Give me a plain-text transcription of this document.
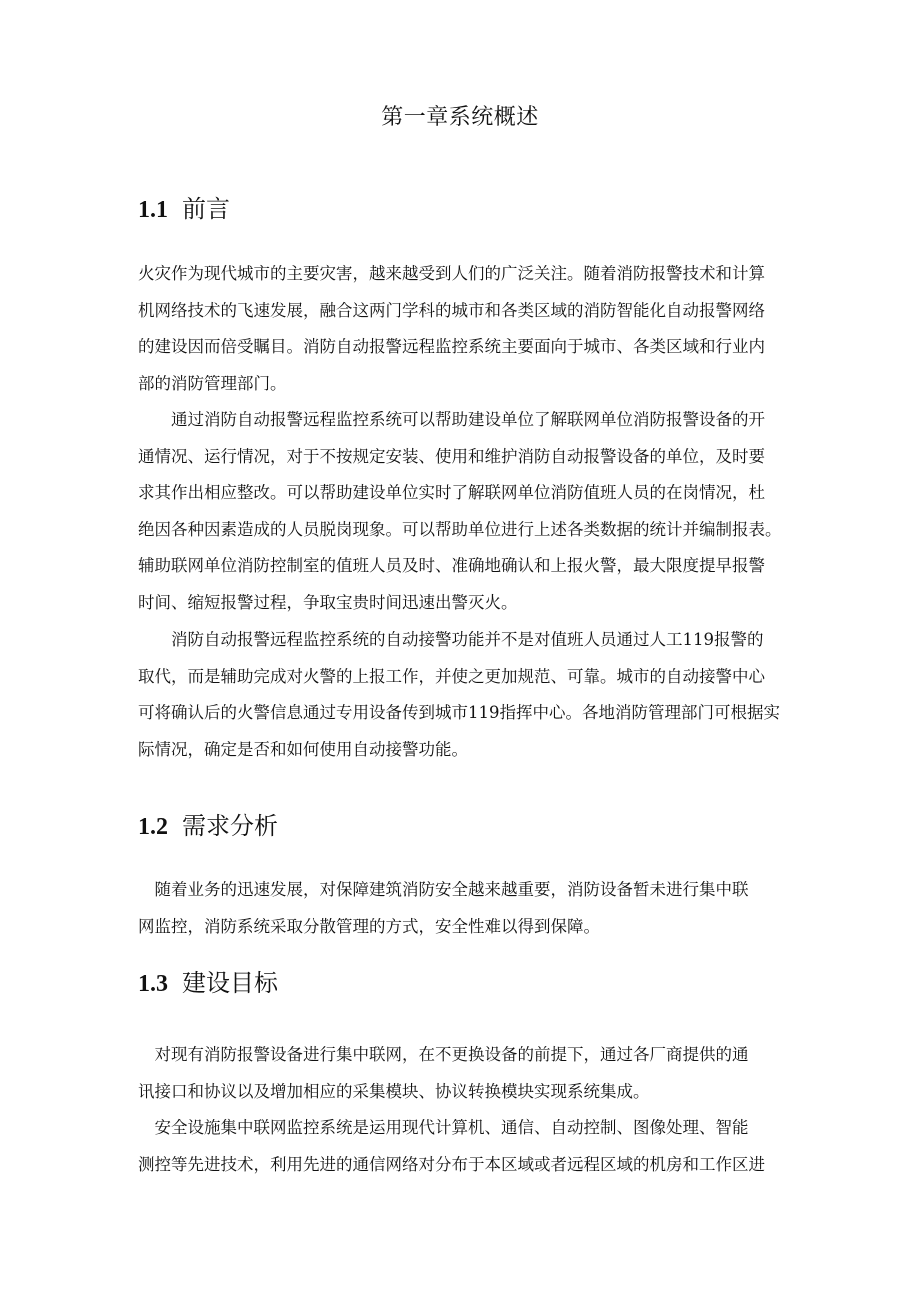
第一章系统概述
1.1 前言
火灾作为现代城市的主要灾害，越来越受到人们的广泛关注。随着消防报警技术和计算
机网络技术的飞速发展，融合这两门学科的城市和各类区域的消防智能化自动报警网络
的建设因而倍受瞩目。消防自动报警远程监控系统主要面向于城市、各类区域和行业内
部的消防管理部门。
　　通过消防自动报警远程监控系统可以帮助建设单位了解联网单位消防报警设备的开
通情况、运行情况，对于不按规定安装、使用和维护消防自动报警设备的单位，及时要
求其作出相应整改。可以帮助建设单位实时了解联网单位消防值班人员的在岗情况，杜
绝因各种因素造成的人员脱岗现象。可以帮助单位进行上述各类数据的统计并编制报表。
辅助联网单位消防控制室的值班人员及时、准确地确认和上报火警，最大限度提早报警
时间、缩短报警过程，争取宝贵时间迅速出警灭火。
　　消防自动报警远程监控系统的自动接警功能并不是对值班人员通过人工119报警的
取代，而是辅助完成对火警的上报工作，并使之更加规范、可靠。城市的自动接警中心
可将确认后的火警信息通过专用设备传到城市119指挥中心。各地消防管理部门可根据实
际情况，确定是否和如何使用自动接警功能。
1.2 需求分析
　随着业务的迅速发展，对保障建筑消防安全越来越重要，消防设备暂未进行集中联
网监控，消防系统采取分散管理的方式，安全性难以得到保障。
1.3 建设目标
　对现有消防报警设备进行集中联网，在不更换设备的前提下，通过各厂商提供的通
讯接口和协议以及增加相应的采集模块、协议转换模块实现系统集成。
　安全设施集中联网监控系统是运用现代计算机、通信、自动控制、图像处理、智能
测控等先进技术，利用先进的通信网络对分布于本区域或者远程区域的机房和工作区进
